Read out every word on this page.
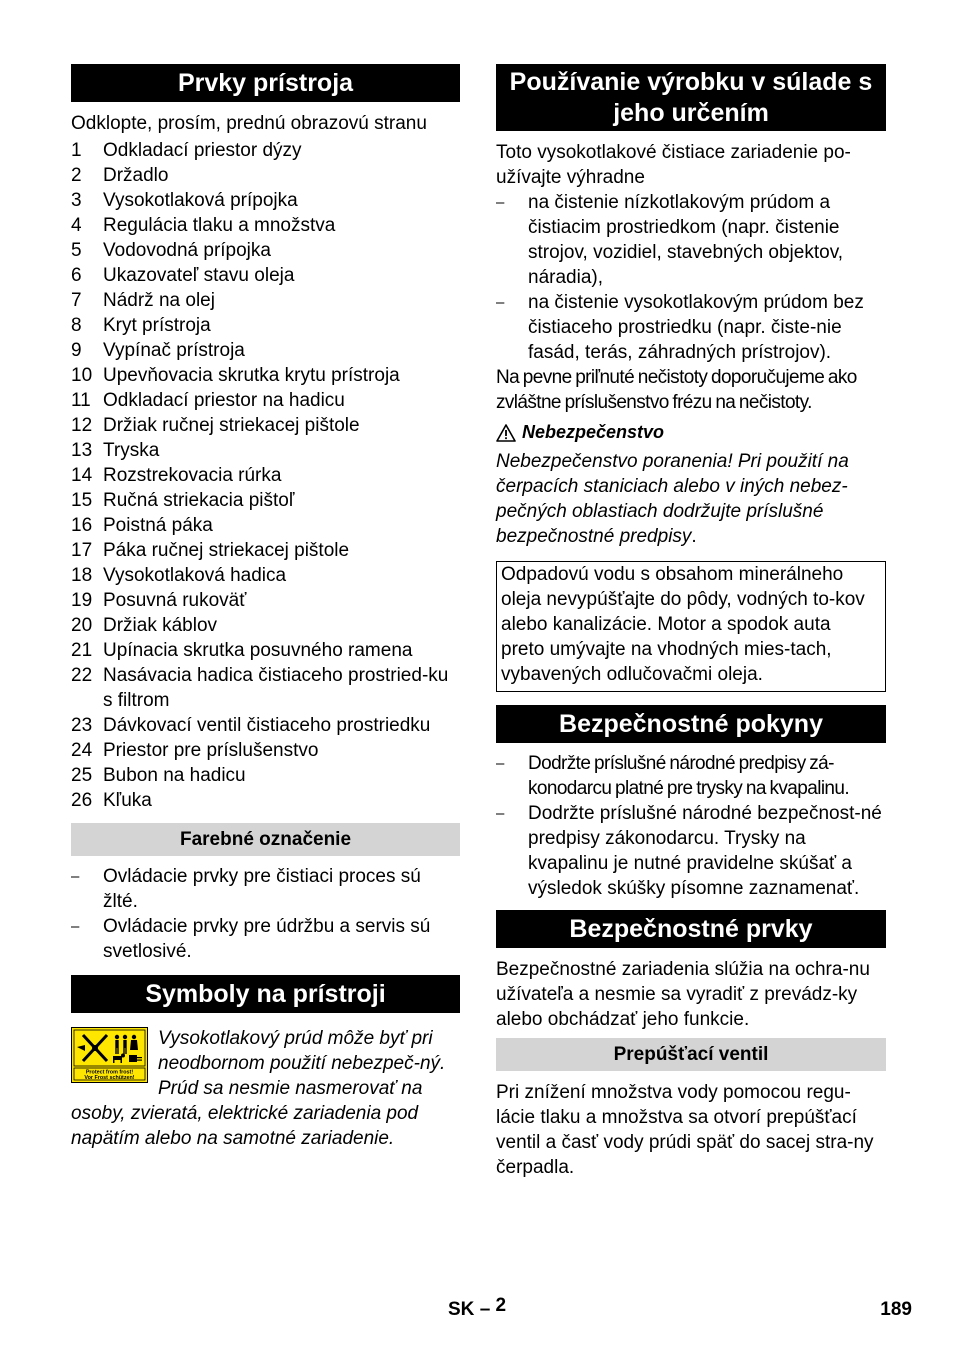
Prvky prístroja

Odklopte, prosím, prednú obrazovú stranu

1	Odkladací priestor dýzy
2	Držadlo
3	Vysokotlaková prípojka
4	Regulácia tlaku a množstva
5	Vodovodná prípojka
6	Ukazovateľ stavu oleja
7	Nádrž na olej
8	Kryt prístroja
9	Vypínač prístroja
10 Upevňovacia skrutka krytu prístroja
11 Odkladací priestor na hadicu
12 Držiak ručnej striekacej pištole
13 Tryska
14 Rozstrekovacia rúrka
15 Ručná striekacia pištoľ
16 Poistná páka
17 Páka ručnej striekacej pištole
18 Vysokotlaková hadica
19 Posuvná rukoväť
20 Držiak káblov
21 Upínacia skrutka posuvného ramena
22 Nasávacia hadica čistiaceho prostried-ku s filtrom
23 Dávkovací ventil čistiaceho prostriedku
24 Priestor pre príslušenstvo
25 Bubon na hadicu
26 Kľuka
Farebné označenie
–	Ovládacie prvky pre čistiaci proces sú žlté.
–	Ovládacie prvky pre údržbu a servis sú svetlosivé.
Symboly na prístroji
Protect from frost!
Vor Frost schützen!

Vysokotlakový prúd môže byť pri neodbornom použití nebezpeč-ný. Prúd sa nesmie nasmerovať na osoby, zvieratá, elektrické zariadenia pod napätím alebo na samotné zariadenie.

Používanie výrobku v súlade s jeho určením

Toto vysokotlakové čistiace zariadenie po-užívajte výhradne

–	na čistenie nízkotlakovým prúdom a čistiacim prostriedkom (napr. čistenie strojov, vozidiel, stavebných objektov, náradia),
–	na čistenie vysokotlakovým prúdom bez čistiaceho prostriedku (napr. čiste-nie fasád, terás, záhradných prístrojov).

Na pevne priľnuté nečistoty doporučujeme ako zvláštne príslušenstvo frézu na nečistoty.

Nebezpečenstvo

Nebezpečenstvo poranenia! Pri použití na čerpacích staniciach alebo v iných nebez-pečných oblastiach dodržujte príslušné bezpečnostné predpisy.

Odpadovú vodu s obsahom minerálneho oleja nevypúšťajte do pôdy, vodných to-kov alebo kanalizácie. Motor a spodok auta preto umývajte na vhodných mies-tach, vybavených odlučovačmi oleja.

Bezpečnostné pokyny
–	Dodržte príslušné národné predpisy zá-konodarcu platné pre trysky na kvapalinu.
–	Dodržte príslušné národné bezpečnost-né predpisy zákonodarcu. Trysky na kvapalinu je nutné pravidelne skúšať a výsledok skúšky písomne zaznamenať.
Bezpečnostné prvky

Bezpečnostné zariadenia slúžia na ochra-nu užívateľa a nesmie sa vyradiť z prevádz-ky alebo obchádzať jeho funkcie.

Prepúšťací ventil

Pri znížení množstva vody pomocou regu-lácie tlaku a množstva sa otvorí prepúšťací ventil a časť vody prúdi späť do sacej stra-ny čerpadla.

SK – 2	189
